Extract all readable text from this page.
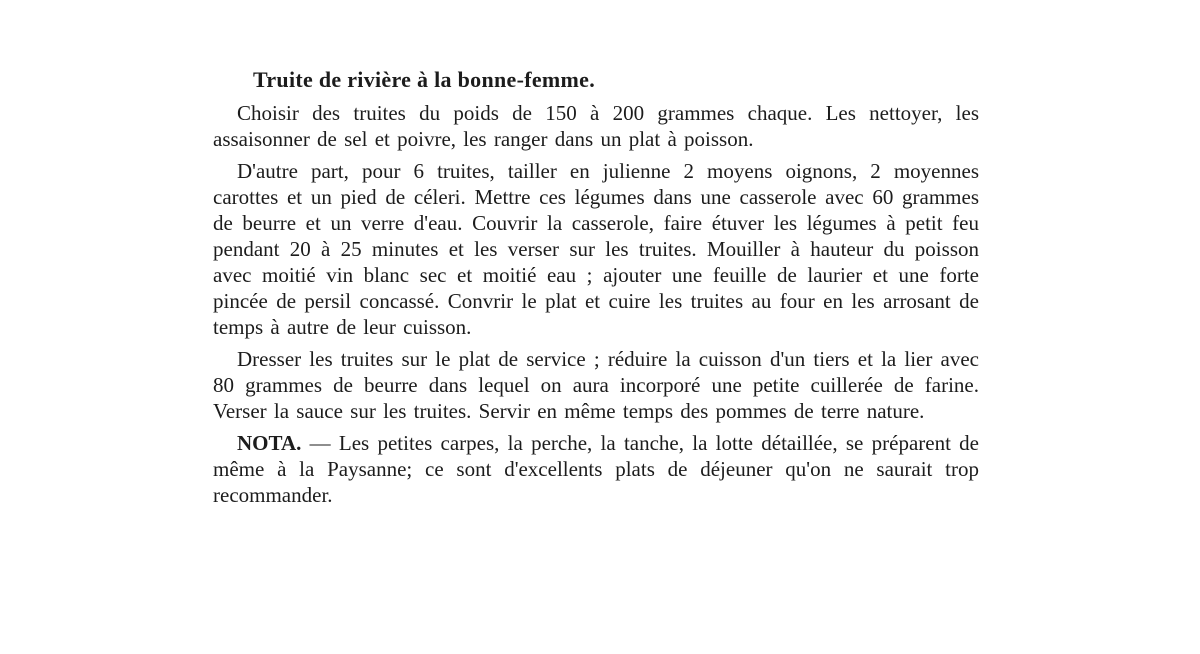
Truite de rivière à la bonne-femme.

Choisir des truites du poids de 150 à 200 grammes chaque. Les nettoyer, les assaisonner de sel et poivre, les ranger dans un plat à poisson.

D'autre part, pour 6 truites, tailler en julienne 2 moyens oignons, 2 moyennes carottes et un pied de céleri. Mettre ces légumes dans une casserole avec 60 grammes de beurre et un verre d'eau. Couvrir la casserole, faire étuver les légumes à petit feu pendant 20 à 25 minutes et les verser sur les truites. Mouiller à hauteur du poisson avec moitié vin blanc sec et moitié eau ; ajouter une feuille de laurier et une forte pincée de persil concassé. Convrir le plat et cuire les truites au four en les arrosant de temps à autre de leur cuisson.

Dresser les truites sur le plat de service ; réduire la cuisson d'un tiers et la lier avec 80 grammes de beurre dans lequel on aura incorporé une petite cuillerée de farine. Verser la sauce sur les truites. Servir en même temps des pommes de terre nature.

NOTA. — Les petites carpes, la perche, la tanche, la lotte détaillée, se préparent de même à la Paysanne; ce sont d'excellents plats de déjeuner qu'on ne saurait trop recommander.
